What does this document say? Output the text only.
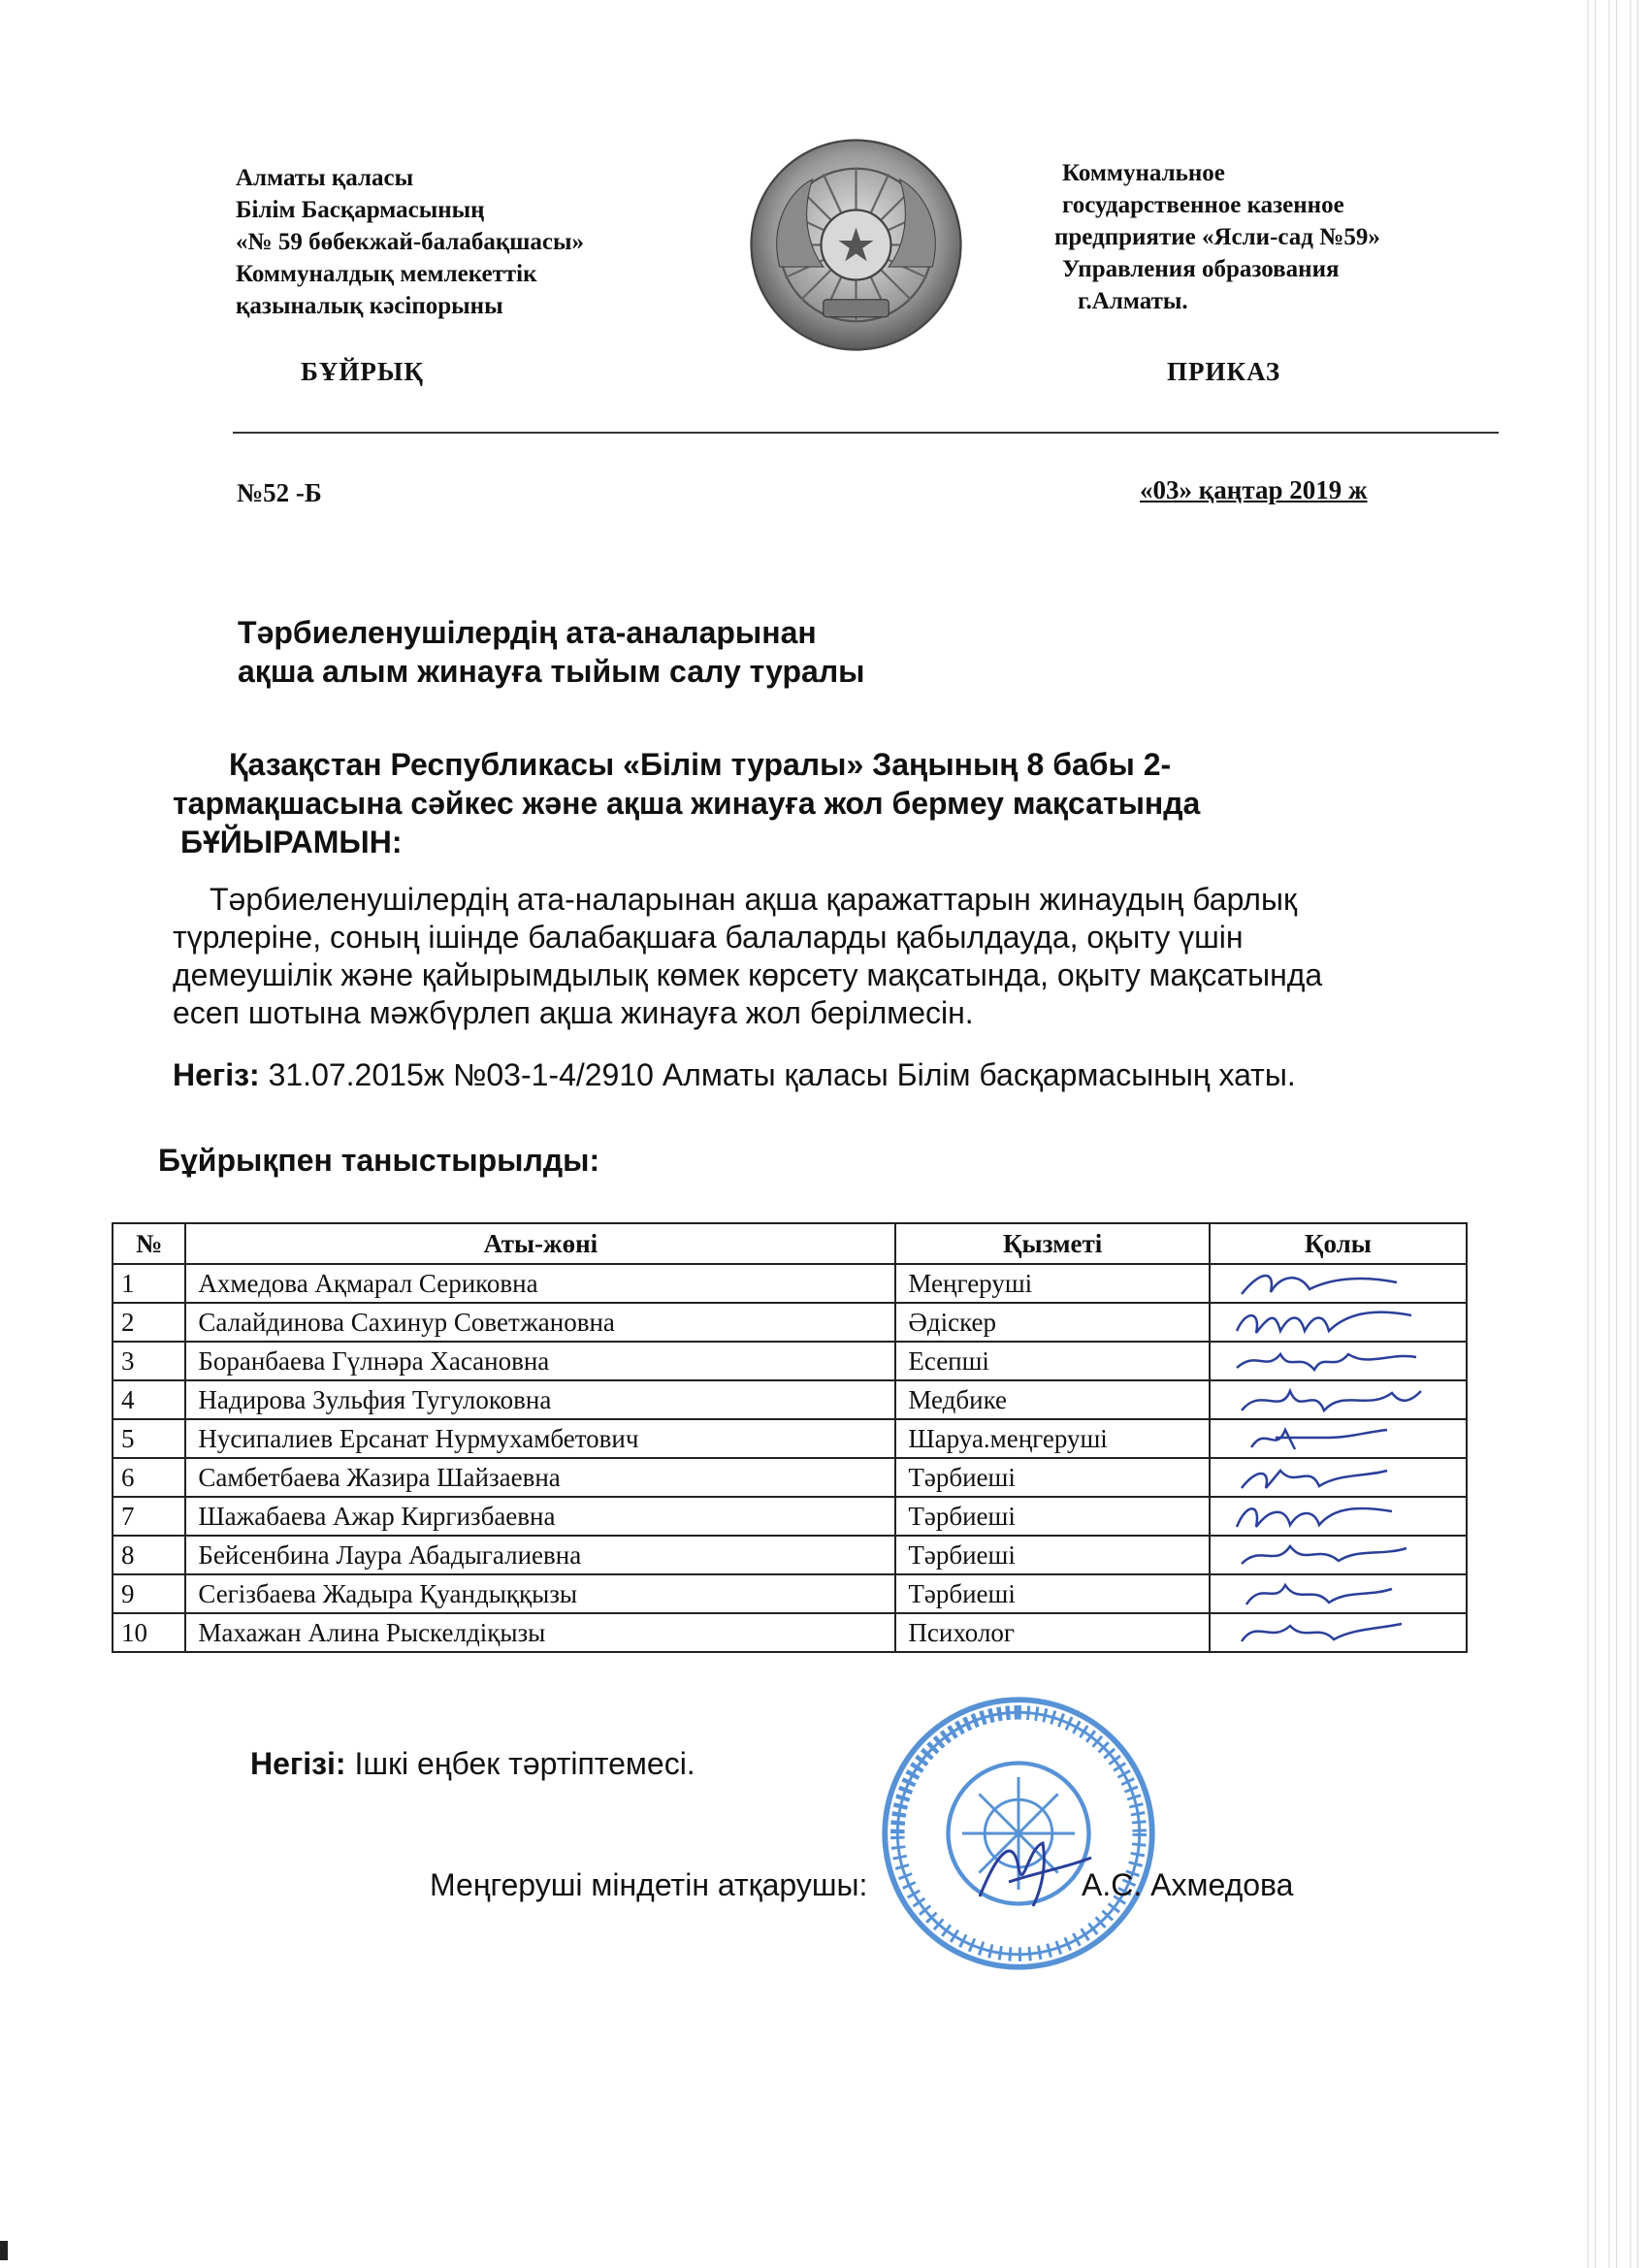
Алматы қаласы
Білім Басқармасының
«№ 59 бөбекжай-балабақшасы»
Коммуналдық мемлекеттік
қазыналық кәсіпорыны
Коммунальное
государственное казенное
предприятие «Ясли-сад №59»
Управления образования
г.Алматы.
БҰЙРЫҚ	ПРИКАЗ
№52 -Б	«03» қаңтар 2019 ж
Тәрбиеленушілердің ата-аналарынан
ақша алым жинауға тыйым салу туралы
Қазақстан Республикасы «Білім туралы» Заңының 8 бабы 2-
тармақшасына сәйкес және ақша жинауға жол бермеу мақсатында
БҰЙЫРАМЫН:
Тәрбиеленушілердің ата-наларынан ақша қаражаттарын жинаудың барлық
түрлеріне, соның ішінде балабақшаға балаларды қабылдауда, оқыту үшін
демеушілік және қайырымдылық көмек көрсету мақсатында, оқыту мақсатында
есеп шотына мәжбүрлеп ақша жинауға жол берілмесін.
Негіз: 31.07.2015ж №03-1-4/2910 Алматы қаласы Білім басқармасының хаты.
Бұйрықпен таныстырылды:
№	Аты-жөні	Қызметі	Қолы
1	Ахмедова Ақмарал Сериковна	Меңгеруші	

2	Салайдинова Сахинур Советжановна	Әдіскер	

3	Боранбаева Гүлнәра Хасановна	Есепші	

4	Надирова Зульфия Тугулоковна	Медбике	

5	Нусипалиев Ерсанат Нурмухамбетович	Шаруа.меңгеруші	

6	Самбетбаева Жазира Шайзаевна	Тәрбиеші	

7	Шажабаева Ажар Киргизбаевна	Тәрбиеші	

8	Бейсенбина Лаура Абадыгалиевна	Тәрбиеші	

9	Сегізбаева Жадыра Қуандыққызы	Тәрбиеші	

10	Махажан Алина Рыскелдіқызы	Психолог	
Негізі: Ішкі еңбек тәртіптемесі.
Меңгеруші міндетін атқарушы:	А.С. Ахмедова
